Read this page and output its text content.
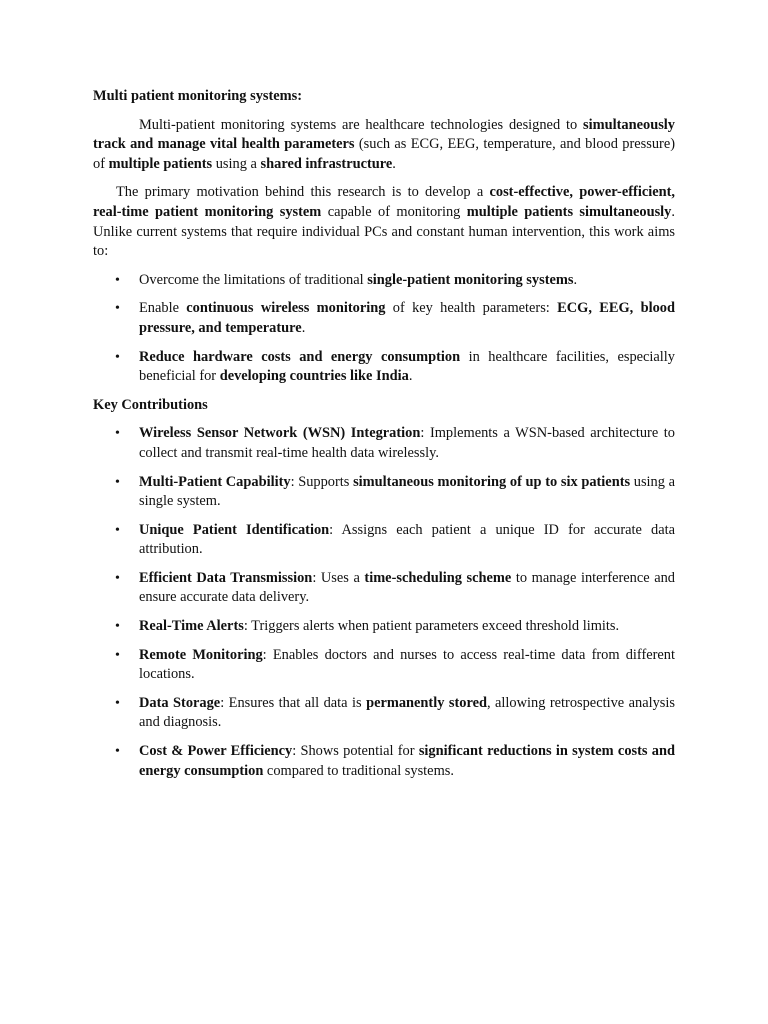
Multi patient monitoring systems:

Multi-patient monitoring systems are healthcare technologies designed to simultaneously track and manage vital health parameters (such as ECG, EEG, temperature, and blood pressure) of multiple patients using a shared infrastructure.

The primary motivation behind this research is to develop a cost-effective, power-efficient, real-time patient monitoring system capable of monitoring multiple patients simultaneously. Unlike current systems that require individual PCs and constant human intervention, this work aims to:

• Overcome the limitations of traditional single-patient monitoring systems.
• Enable continuous wireless monitoring of key health parameters: ECG, EEG, blood pressure, and temperature.
• Reduce hardware costs and energy consumption in healthcare facilities, especially beneficial for developing countries like India.
Key Contributions
• Wireless Sensor Network (WSN) Integration: Implements a WSN-based architecture to collect and transmit real-time health data wirelessly.
• Multi-Patient Capability: Supports simultaneous monitoring of up to six patients using a single system.
• Unique Patient Identification: Assigns each patient a unique ID for accurate data attribution.
• Efficient Data Transmission: Uses a time-scheduling scheme to manage interference and ensure accurate data delivery.
• Real-Time Alerts: Triggers alerts when patient parameters exceed threshold limits.
• Remote Monitoring: Enables doctors and nurses to access real-time data from different locations.
• Data Storage: Ensures that all data is permanently stored, allowing retrospective analysis and diagnosis.
• Cost & Power Efficiency: Shows potential for significant reductions in system costs and energy consumption compared to traditional systems.
